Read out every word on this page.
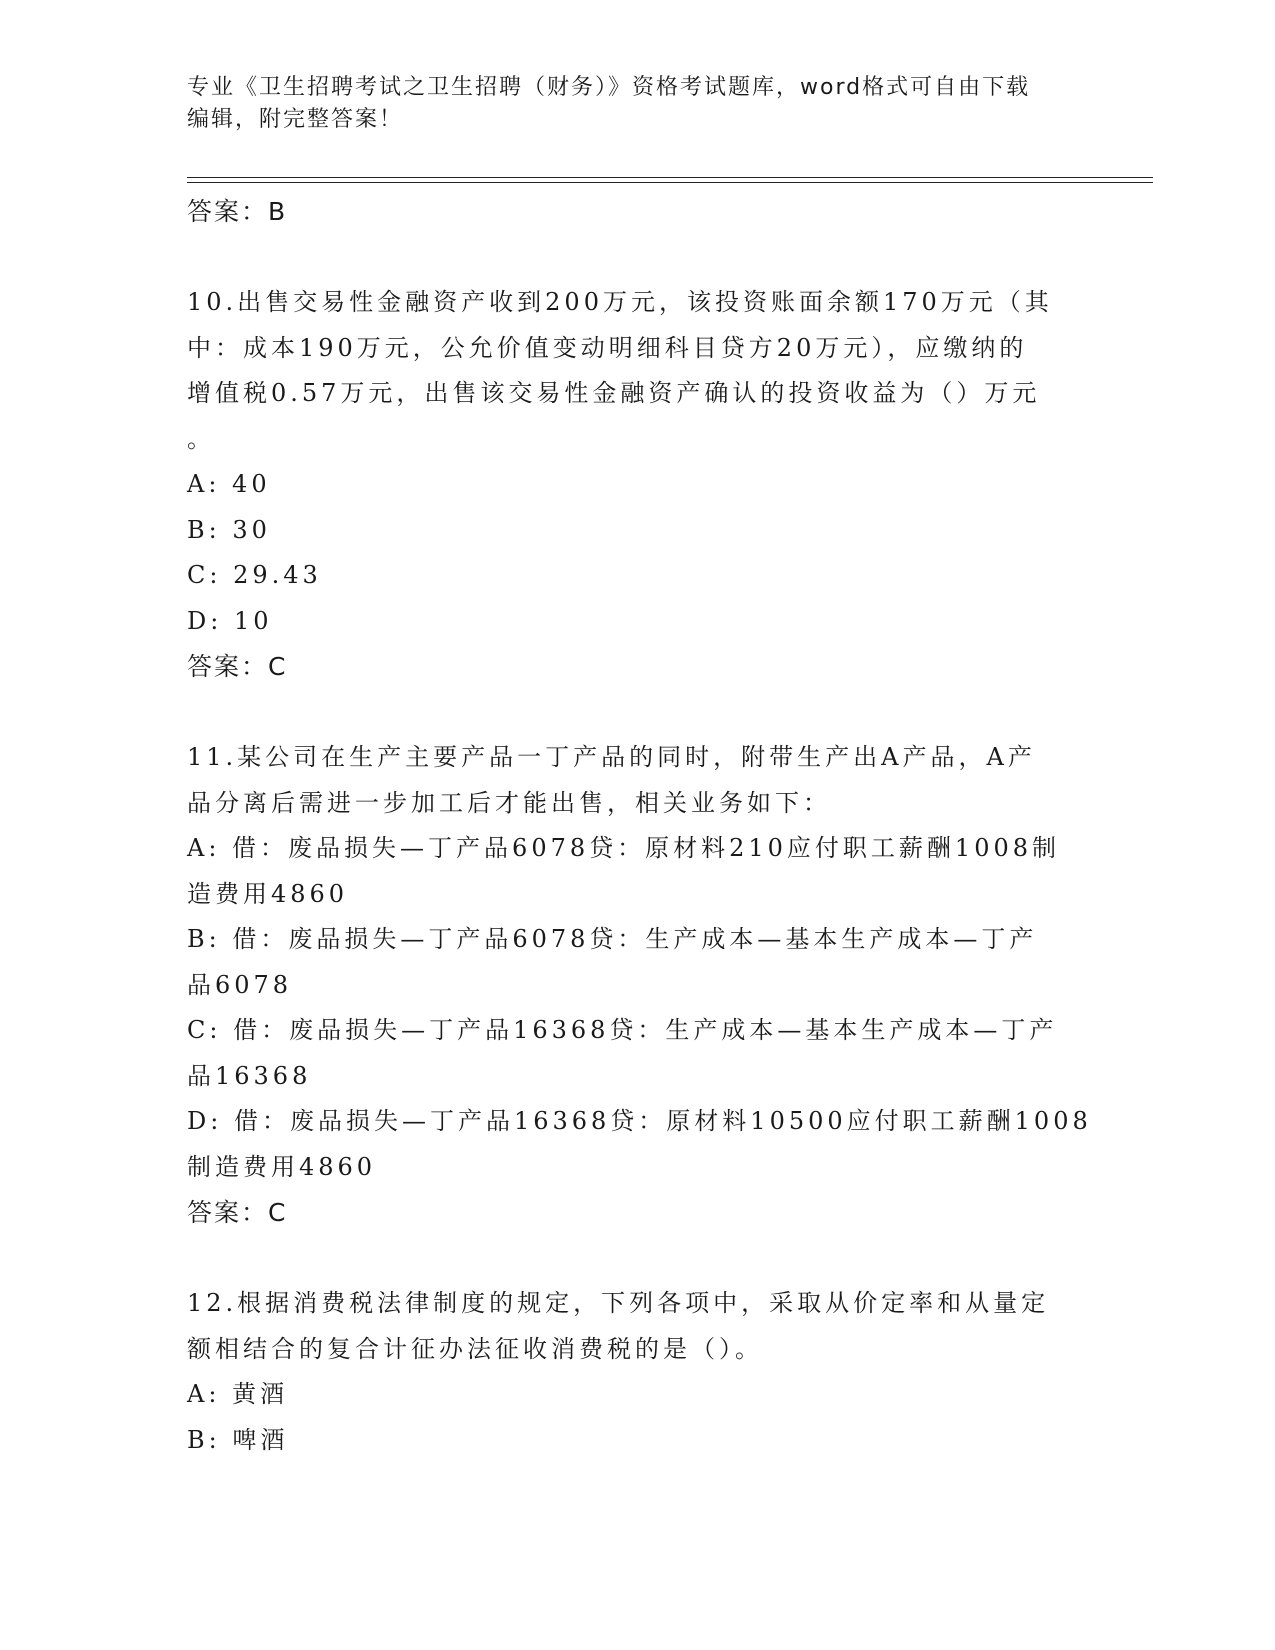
专业《卫生招聘考试之卫生招聘（财务）》资格考试题库，word格式可自由下载
编辑，附完整答案！
答案：B
10.出售交易性金融资产收到200万元，该投资账面余额170万元（其
中：成本190万元，公允价值变动明细科目贷方20万元），应缴纳的
增值税0.57万元，出售该交易性金融资产确认的投资收益为（）万元
。
A: 40
B: 30
C: 29.43
D: 10
答案：C
11.某公司在生产主要产品一丁产品的同时，附带生产出A产品，A产
品分离后需进一步加工后才能出售，相关业务如下：
A: 借：废品损失—丁产品6078贷：原材料210应付职工薪酬1008制
造费用4860
B: 借：废品损失—丁产品6078贷：生产成本—基本生产成本—丁产
品6078
C: 借：废品损失—丁产品16368贷：生产成本—基本生产成本—丁产
品16368
D: 借：废品损失—丁产品16368贷：原材料10500应付职工薪酬1008
制造费用4860
答案：C
12.根据消费税法律制度的规定，下列各项中，采取从价定率和从量定
额相结合的复合计征办法征收消费税的是（）。
A: 黄酒
B: 啤酒
